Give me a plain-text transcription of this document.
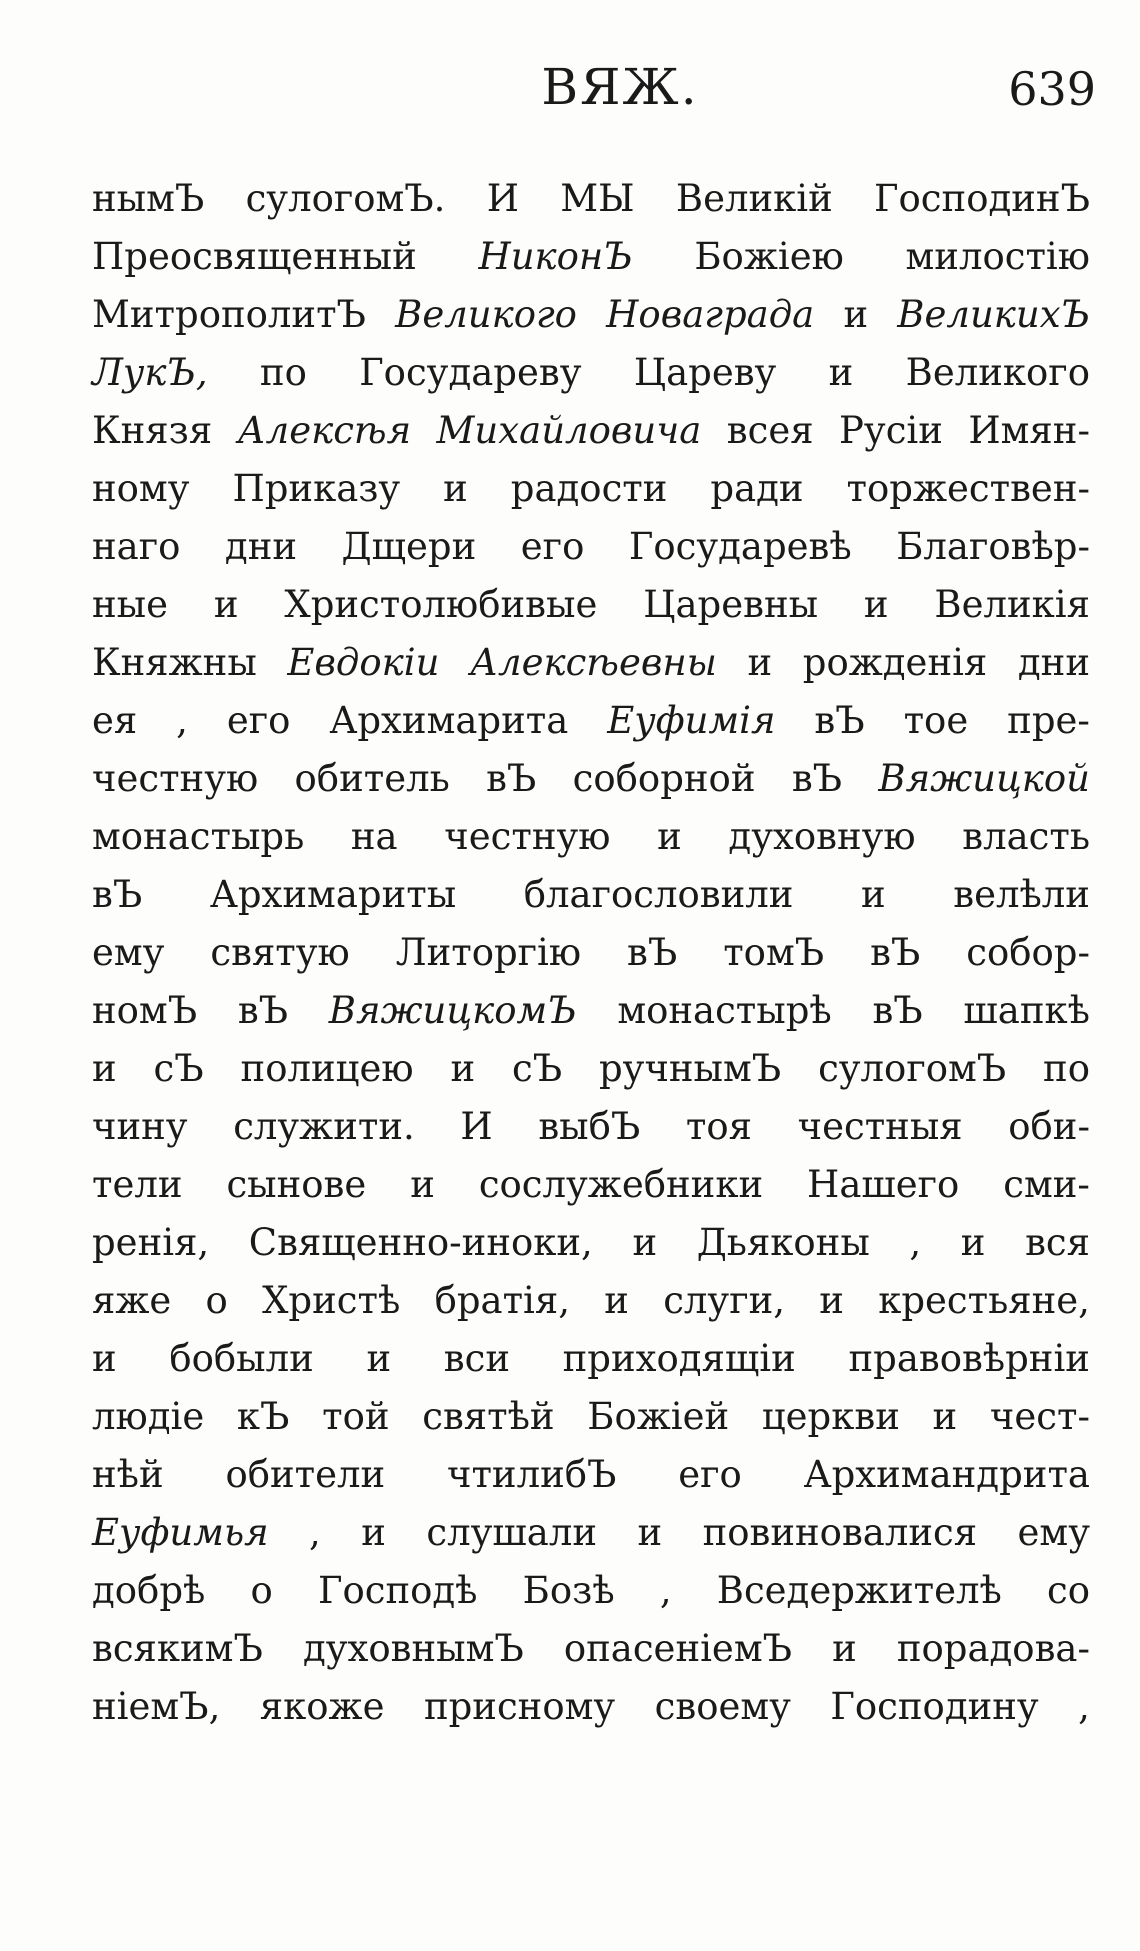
ВЯЖ.	639
нымЪ сулогомЪ. И МЫ Великій ГосподинЪ
Преосвященный НиконЪ Божіею милостію
МитрополитЪ Великого Новаграда и ВеликихЪ
ЛукЪ, по Государеву Цареву и Великого
Князя Алексѣя Михайловича всея Русіи Имян-
ному Приказу и радости ради торжествен-
наго дни Дщери его Государевѣ Благовѣр-
ные и Христолюбивые Царевны и Великія
Княжны Евдокіи Алексѣевны и рожденія дни
ея , его Архимарита Еуфимія вЪ тое пре-
честную обитель вЪ соборной вЪ Вяжицкой
монастырь на честную и духовную власть
вЪ Архимариты благословили и велѣли
ему святую Литоргію вЪ томЪ вЪ собор-
номЪ вЪ ВяжицкомЪ монастырѣ вЪ шапкѣ
и сЪ полицею и сЪ ручнымЪ сулогомЪ по
чину служити. И выбЪ тоя честныя оби-
тели сынове и сослужебники Нашего сми-
ренія, Священно-иноки, и Дьяконы , и вся
яже о Христѣ братія, и слуги, и крестьяне,
и бобыли и вси приходящіи правовѣрніи
людіе кЪ той святѣй Божіей церкви и чест-
нѣй обители чтилибЪ его Архимандрита
Еуфимья , и слушали и повиновалися ему
добрѣ о Господѣ Бозѣ , Вседержителѣ со
всякимЪ духовнымЪ опасеніемЪ и порадова-
ніемЪ, якоже присному своему Господину ,
